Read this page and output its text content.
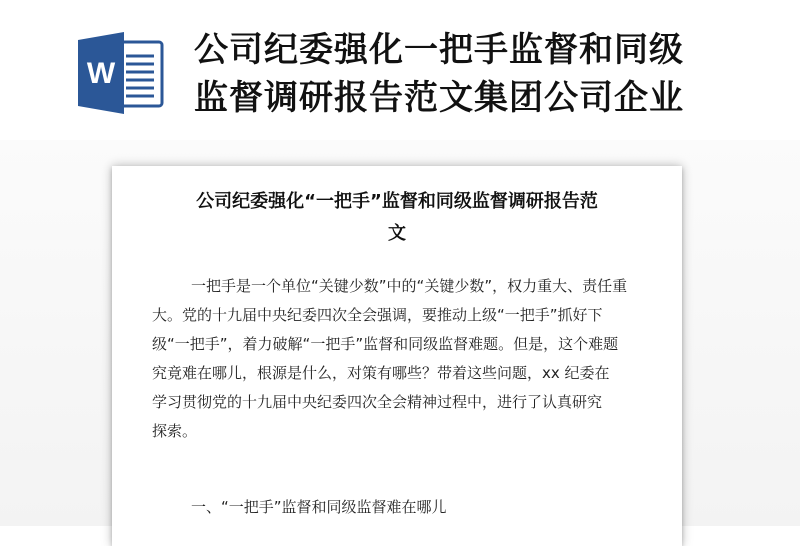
W
公司纪委强化一把手监督和同级
监督调研报告范文集团公司企业
公司纪委强化“一把手”监督和同级监督调研报告范
文

一把手是一个单位“关键少数”中的“关键少数”，权力重大、责任重
大。党的十九届中央纪委四次全会强调，要推动上级“一把手”抓好下
级“一把手”，着力破解“一把手”监督和同级监督难题。但是，这个难题
究竟难在哪儿，根源是什么，对策有哪些？带着这些问题，xx 纪委在
学习贯彻党的十九届中央纪委四次全会精神过程中，进行了认真研究
探索。

一、“一把手”监督和同级监督难在哪儿
